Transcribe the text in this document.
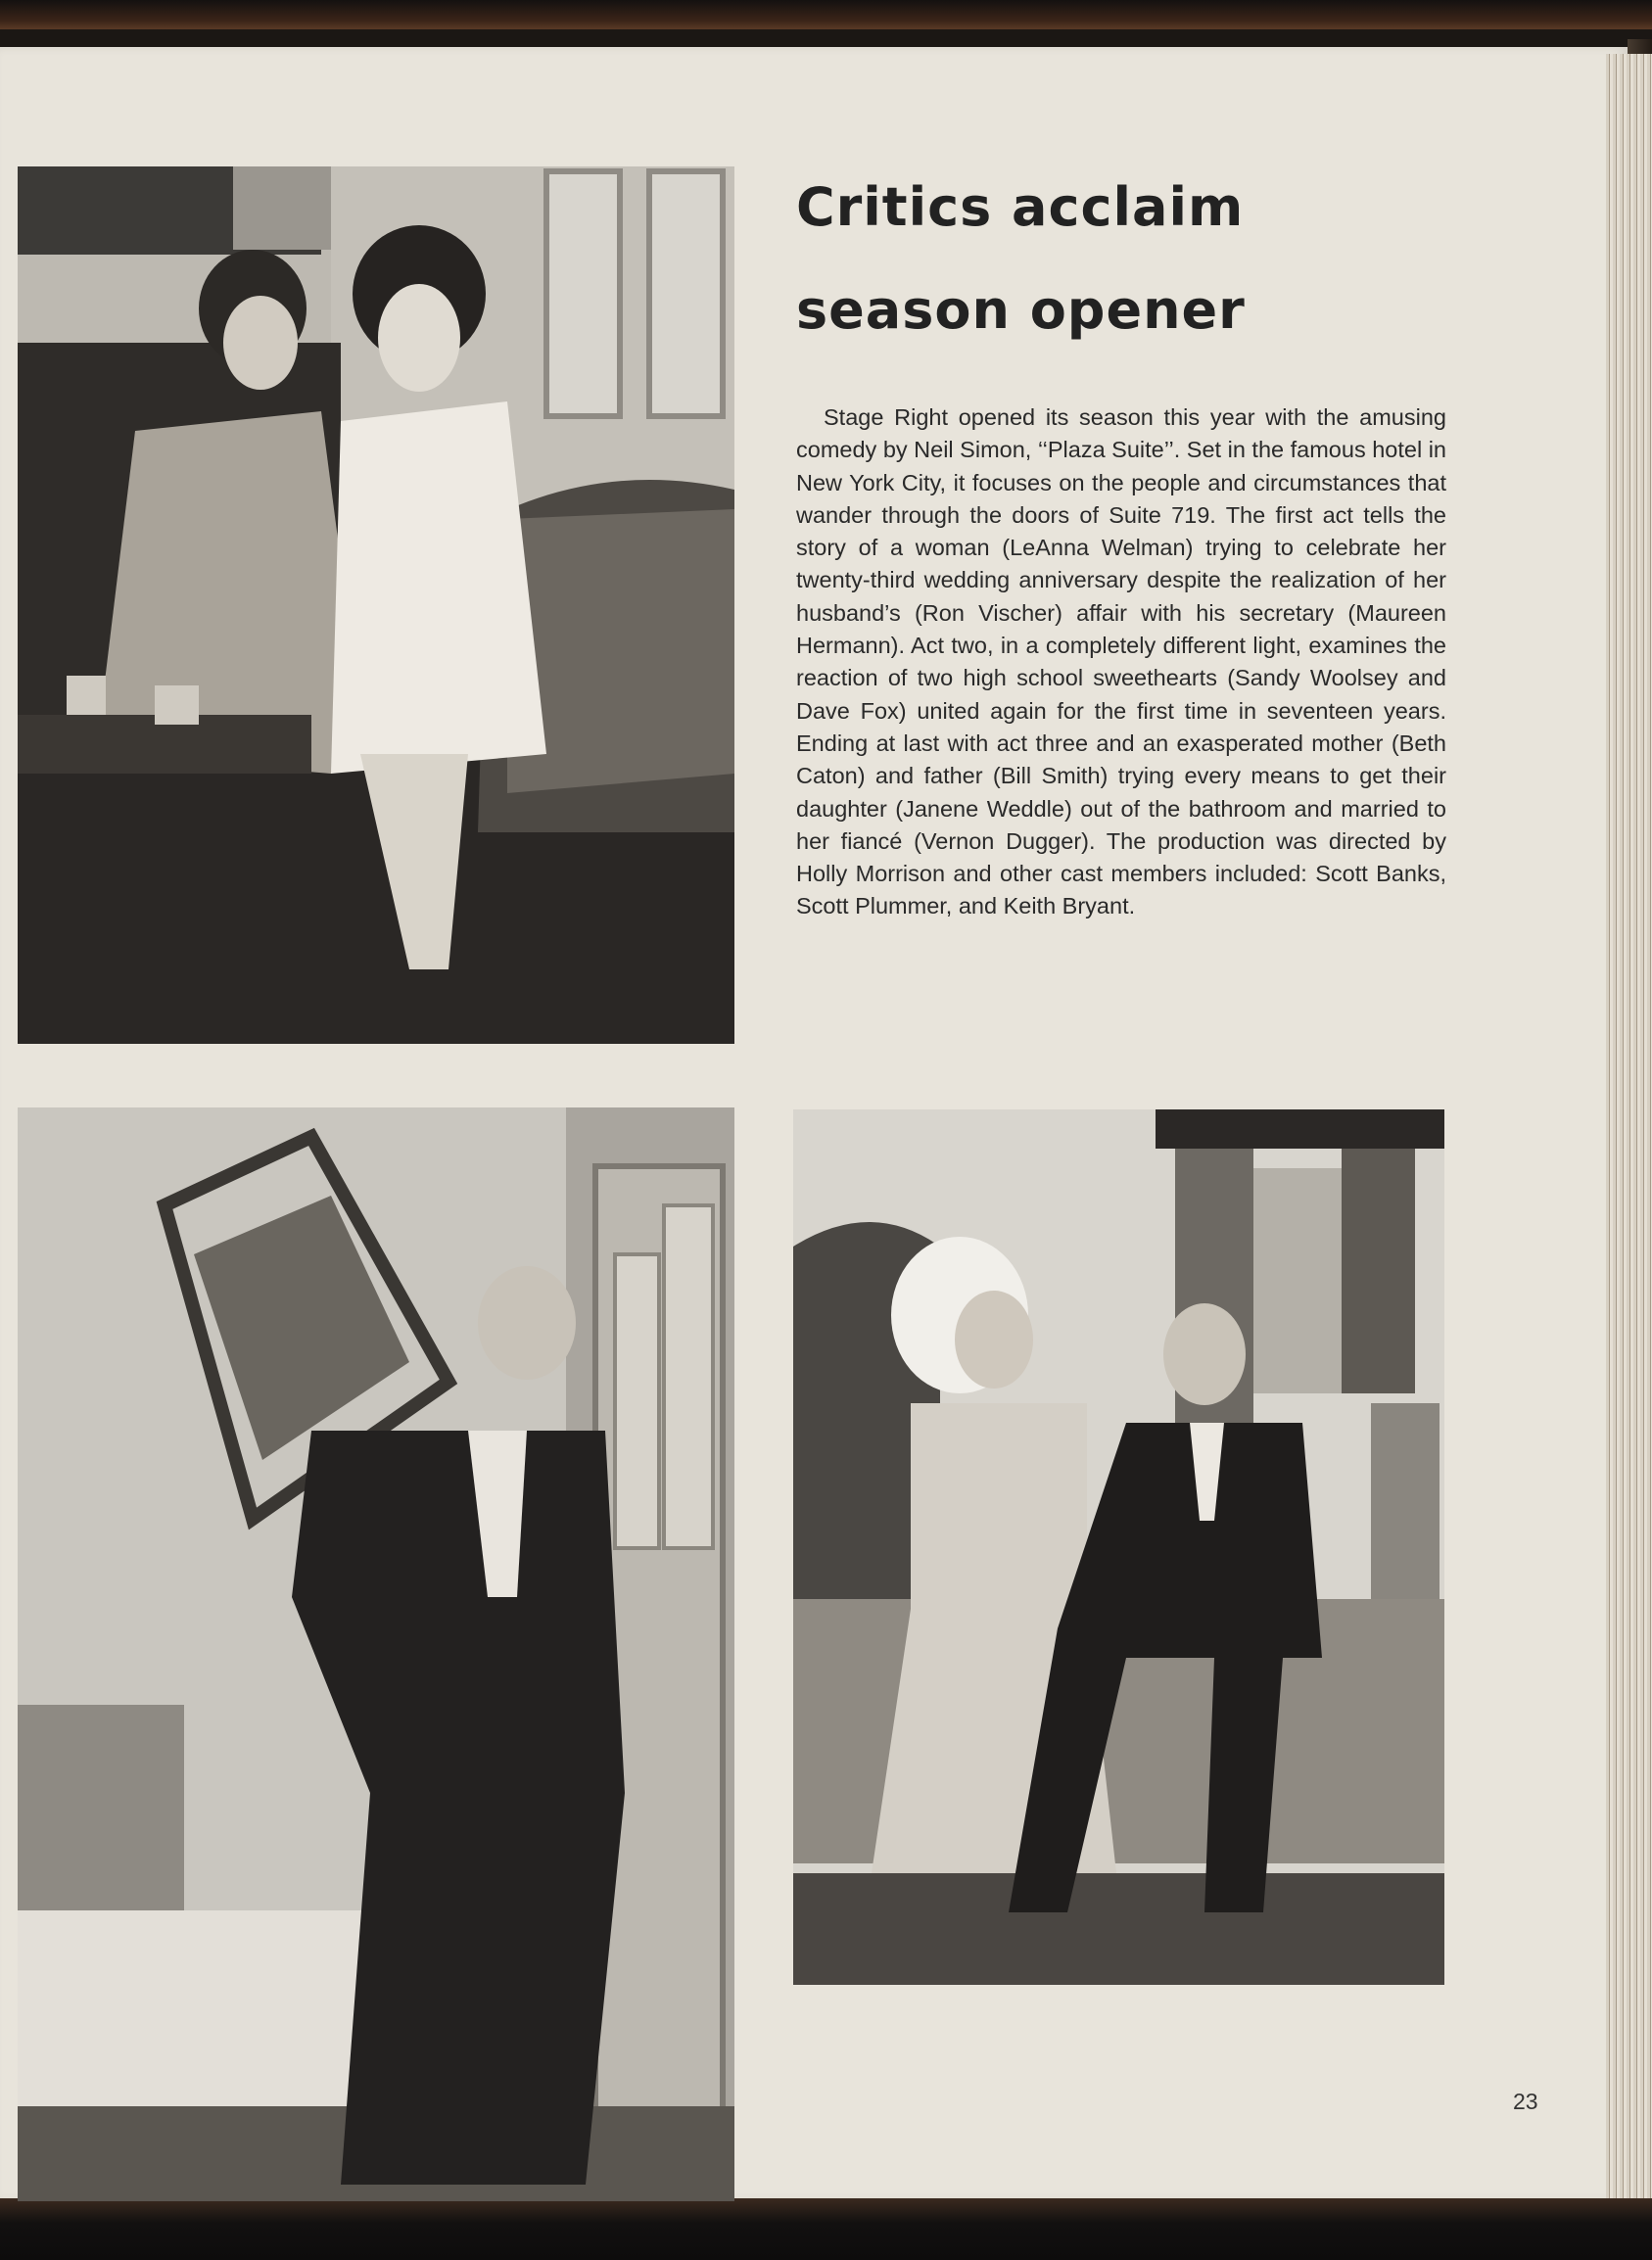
Critics acclaim
season opener

Stage Right opened its season this year with the amusing comedy by Neil Simon, ‘‘Plaza Suite’’. Set in the famous hotel in New York City, it focuses on the people and circumstances that wander through the doors of Suite 719. The first act tells the story of a woman (LeAnna Welman) trying to celebrate her twenty-third wedding anniversary despite the realization of her husband’s (Ron Vischer) affair with his secretary (Maureen Hermann). Act two, in a completely different light, examines the reaction of two high school sweethearts (Sandy Woolsey and Dave Fox) united again for the first time in seventeen years. Ending at last with act three and an exasperated mother (Beth Caton) and father (Bill Smith) trying every means to get their daughter (Janene Weddle) out of the bathroom and married to her fiancé (Vernon Dugger). The production was directed by Holly Morrison and other cast members included: Scott Banks, Scott Plummer, and Keith Bryant.

23
